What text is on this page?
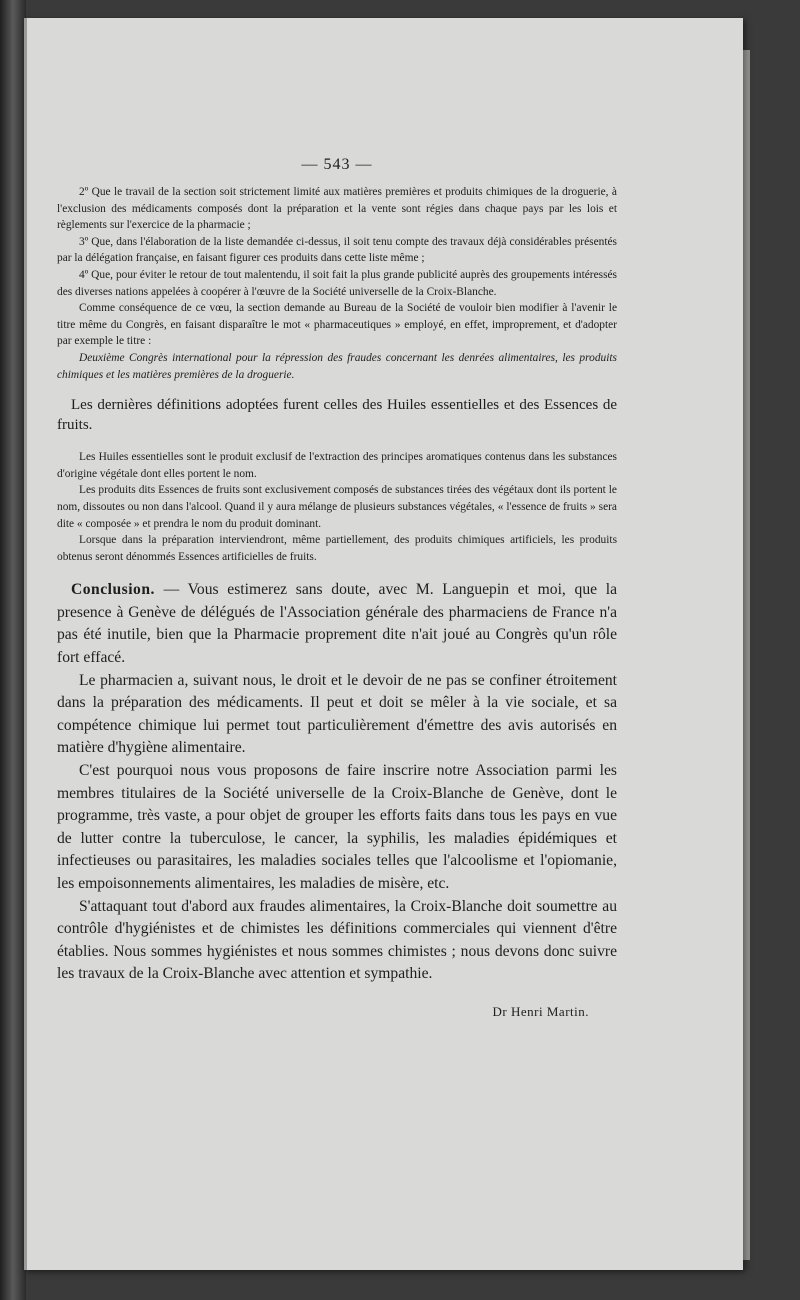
— 543 —

2º Que le travail de la section soit strictement limité aux matières premières et produits chimiques de la droguerie, à l'exclusion des médicaments composés dont la préparation et la vente sont régies dans chaque pays par les lois et règlements sur l'exercice de la pharmacie ;

3º Que, dans l'élaboration de la liste demandée ci-dessus, il soit tenu compte des travaux déjà considérables présentés par la délégation française, en faisant figurer ces produits dans cette liste même ;

4º Que, pour éviter le retour de tout malentendu, il soit fait la plus grande publicité auprès des groupements intéressés des diverses nations appelées à coopérer à l'œuvre de la Société universelle de la Croix-Blanche.

Comme conséquence de ce vœu, la section demande au Bureau de la Société de vouloir bien modifier à l'avenir le titre même du Congrès, en faisant disparaître le mot « pharmaceutiques » employé, en effet, improprement, et d'adopter par exemple le titre :

Deuxième Congrès international pour la répression des fraudes concernant les denrées alimentaires, les produits chimiques et les matières premières de la droguerie.

Les dernières définitions adoptées furent celles des Huiles essentielles et des Essences de fruits.

Les Huiles essentielles sont le produit exclusif de l'extraction des principes aromatiques contenus dans les substances d'origine végétale dont elles portent le nom.

Les produits dits Essences de fruits sont exclusivement composés de substances tirées des végétaux dont ils portent le nom, dissoutes ou non dans l'alcool. Quand il y aura mélange de plusieurs substances végétales, « l'essence de fruits » sera dite « composée » et prendra le nom du produit dominant.

Lorsque dans la préparation interviendront, même partiellement, des produits chimiques artificiels, les produits obtenus seront dénommés Essences artificielles de fruits.

Conclusion. — Vous estimerez sans doute, avec M. Languepin et moi, que la presence à Genève de délégués de l'Association générale des pharmaciens de France n'a pas été inutile, bien que la Pharmacie proprement dite n'ait joué au Congrès qu'un rôle fort effacé.

Le pharmacien a, suivant nous, le droit et le devoir de ne pas se confiner étroitement dans la préparation des médicaments. Il peut et doit se mêler à la vie sociale, et sa compétence chimique lui permet tout particulièrement d'émettre des avis autorisés en matière d'hygiène alimentaire.

C'est pourquoi nous vous proposons de faire inscrire notre Association parmi les membres titulaires de la Société universelle de la Croix-Blanche de Genève, dont le programme, très vaste, a pour objet de grouper les efforts faits dans tous les pays en vue de lutter contre la tuberculose, le cancer, la syphilis, les maladies épidémiques et infectieuses ou parasitaires, les maladies sociales telles que l'alcoolisme et l'opiomanie, les empoisonnements alimentaires, les maladies de misère, etc.

S'attaquant tout d'abord aux fraudes alimentaires, la Croix-Blanche doit soumettre au contrôle d'hygiénistes et de chimistes les définitions commerciales qui viennent d'être établies. Nous sommes hygiénistes et nous sommes chimistes ; nous devons donc suivre les travaux de la Croix-Blanche avec attention et sympathie.

Dr Henri Martin.
